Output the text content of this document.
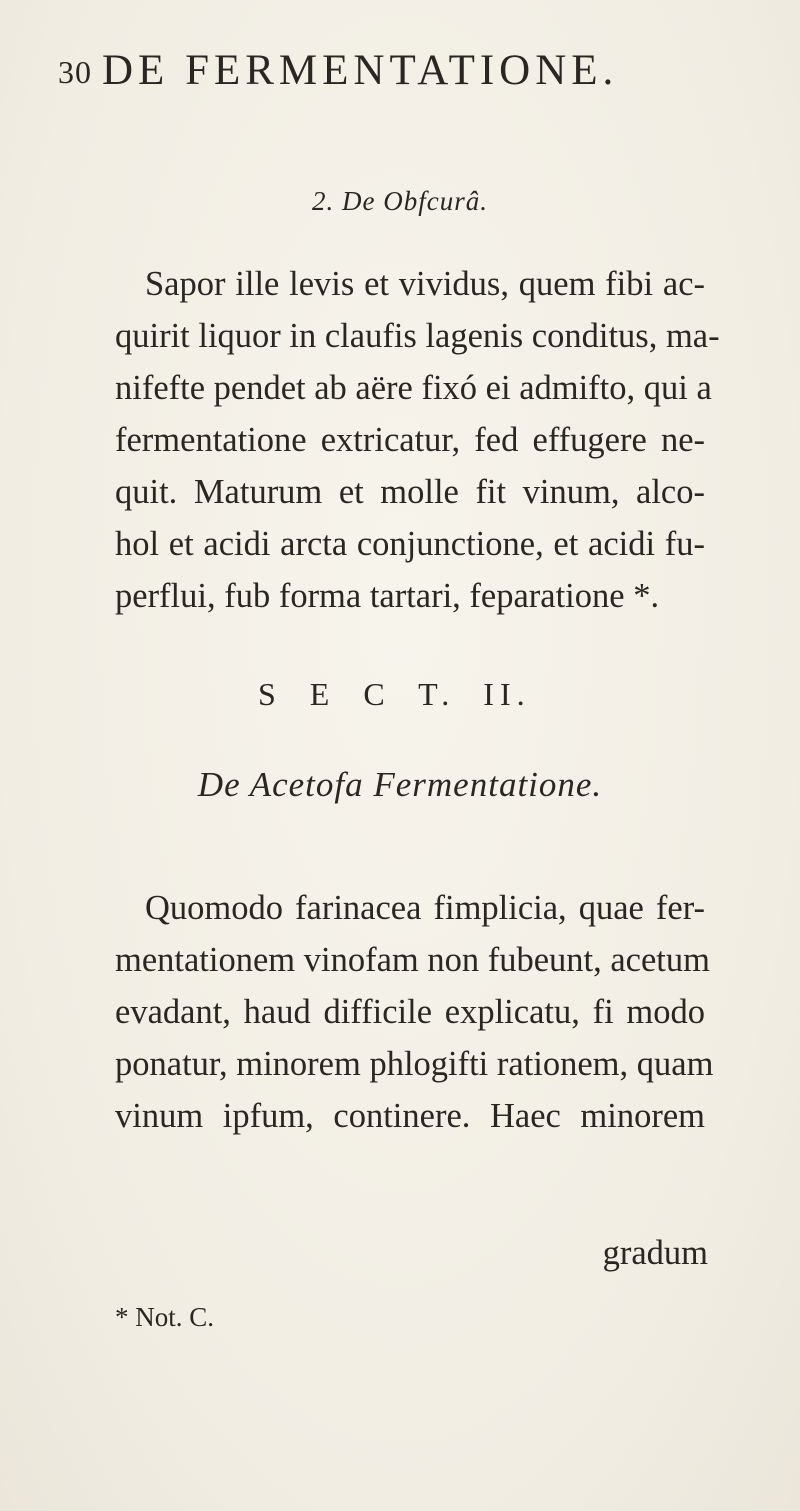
30 DE FERMENTATIONE.
2. De Obfcurâ.
Sapor ille levis et vividus, quem fibi ac-
quirit liquor in claufis lagenis conditus, ma-
nifefte pendet ab aëre fixó ei admifto, qui a
fermentatione extricatur, fed effugere ne-
quit. Maturum et molle fit vinum, alco-
hol et acidi arcta conjunctione, et acidi fu-
perflui, fub forma tartari, feparatione *.
S E C T. II.
De Acetofa Fermentatione.
Quomodo farinacea fimplicia, quae fer-
mentationem vinofam non fubeunt, acetum
evadant, haud difficile explicatu, fi modo
ponatur, minorem phlogifti rationem, quam
vinum ipfum, continere. Haec minorem
gradum
* Not. C.
